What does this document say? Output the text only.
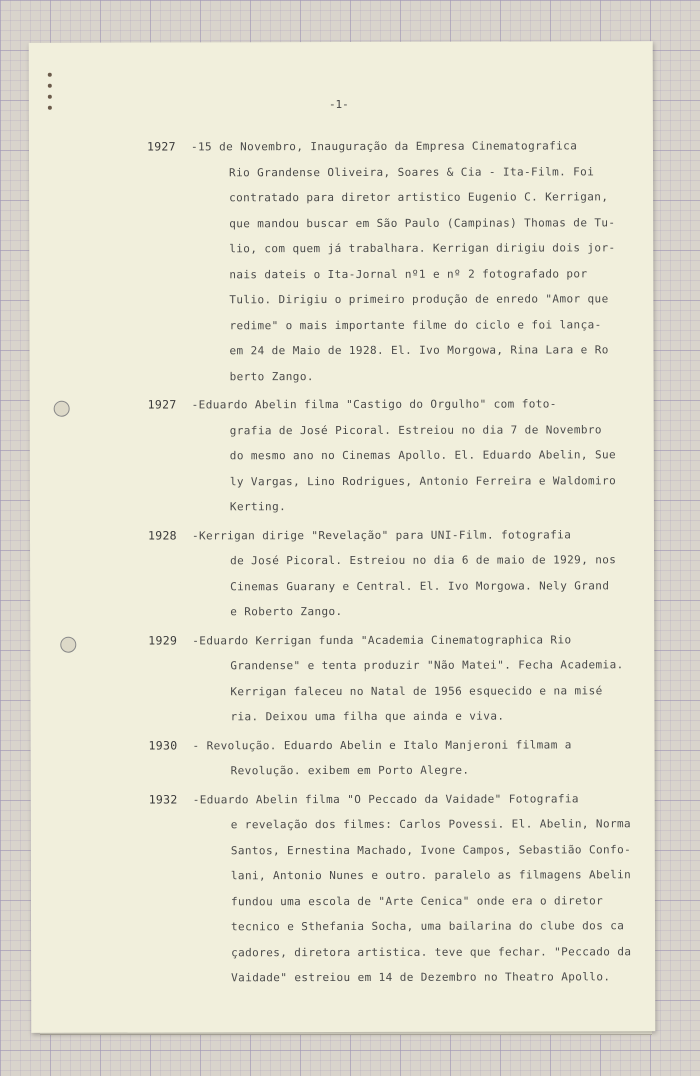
-1-
1927	-15 de Novembro, Inauguração da Empresa Cinematografica
Rio Grandense Oliveira, Soares & Cia - Ita-Film. Foi
contratado para diretor artistico Eugenio C. Kerrigan,
que mandou buscar em São Paulo (Campinas) Thomas de Tu-
lio, com quem já trabalhara. Kerrigan dirigiu dois jor-
nais dateis o Ita-Jornal nº1 e nº 2 fotografado por
Tulio. Dirigiu o primeiro produção de enredo "Amor que
redime" o mais importante filme do ciclo e foi lança-
em 24 de Maio de 1928. El. Ivo Morgowa, Rina Lara e Ro
berto Zango.
1927	-Eduardo Abelin filma "Castigo do Orgulho" com foto-
grafia de José Picoral. Estreiou no dia 7 de Novembro
do mesmo ano no Cinemas Apollo. El. Eduardo Abelin, Sue
ly Vargas, Lino Rodrigues, Antonio Ferreira e Waldomiro
Kerting.
1928	-Kerrigan dirige "Revelação" para UNI-Film. fotografia
de José Picoral. Estreiou no dia 6 de maio de 1929, nos
Cinemas Guarany e Central. El. Ivo Morgowa. Nely Grand
e Roberto Zango.
1929	-Eduardo Kerrigan funda "Academia Cinematographica Rio
Grandense" e tenta produzir "Não Matei". Fecha Academia.
Kerrigan faleceu no Natal de 1956 esquecido e na misé
ria. Deixou uma filha que ainda e viva.
1930	- Revolução. Eduardo Abelin e Italo Manjeroni filmam a
Revolução. exibem em Porto Alegre.
1932	-Eduardo Abelin filma "O Peccado da Vaidade" Fotografia
e revelação dos filmes: Carlos Povessi. El. Abelin, Norma
Santos, Ernestina Machado, Ivone Campos, Sebastião Confo-
lani, Antonio Nunes e outro. paralelo as filmagens Abelin
fundou uma escola de "Arte Cenica" onde era o diretor
tecnico e Sthefania Socha, uma bailarina do clube dos ca
çadores, diretora artistica. teve que fechar. "Peccado da
Vaidade" estreiou em 14 de Dezembro no Theatro Apollo.
